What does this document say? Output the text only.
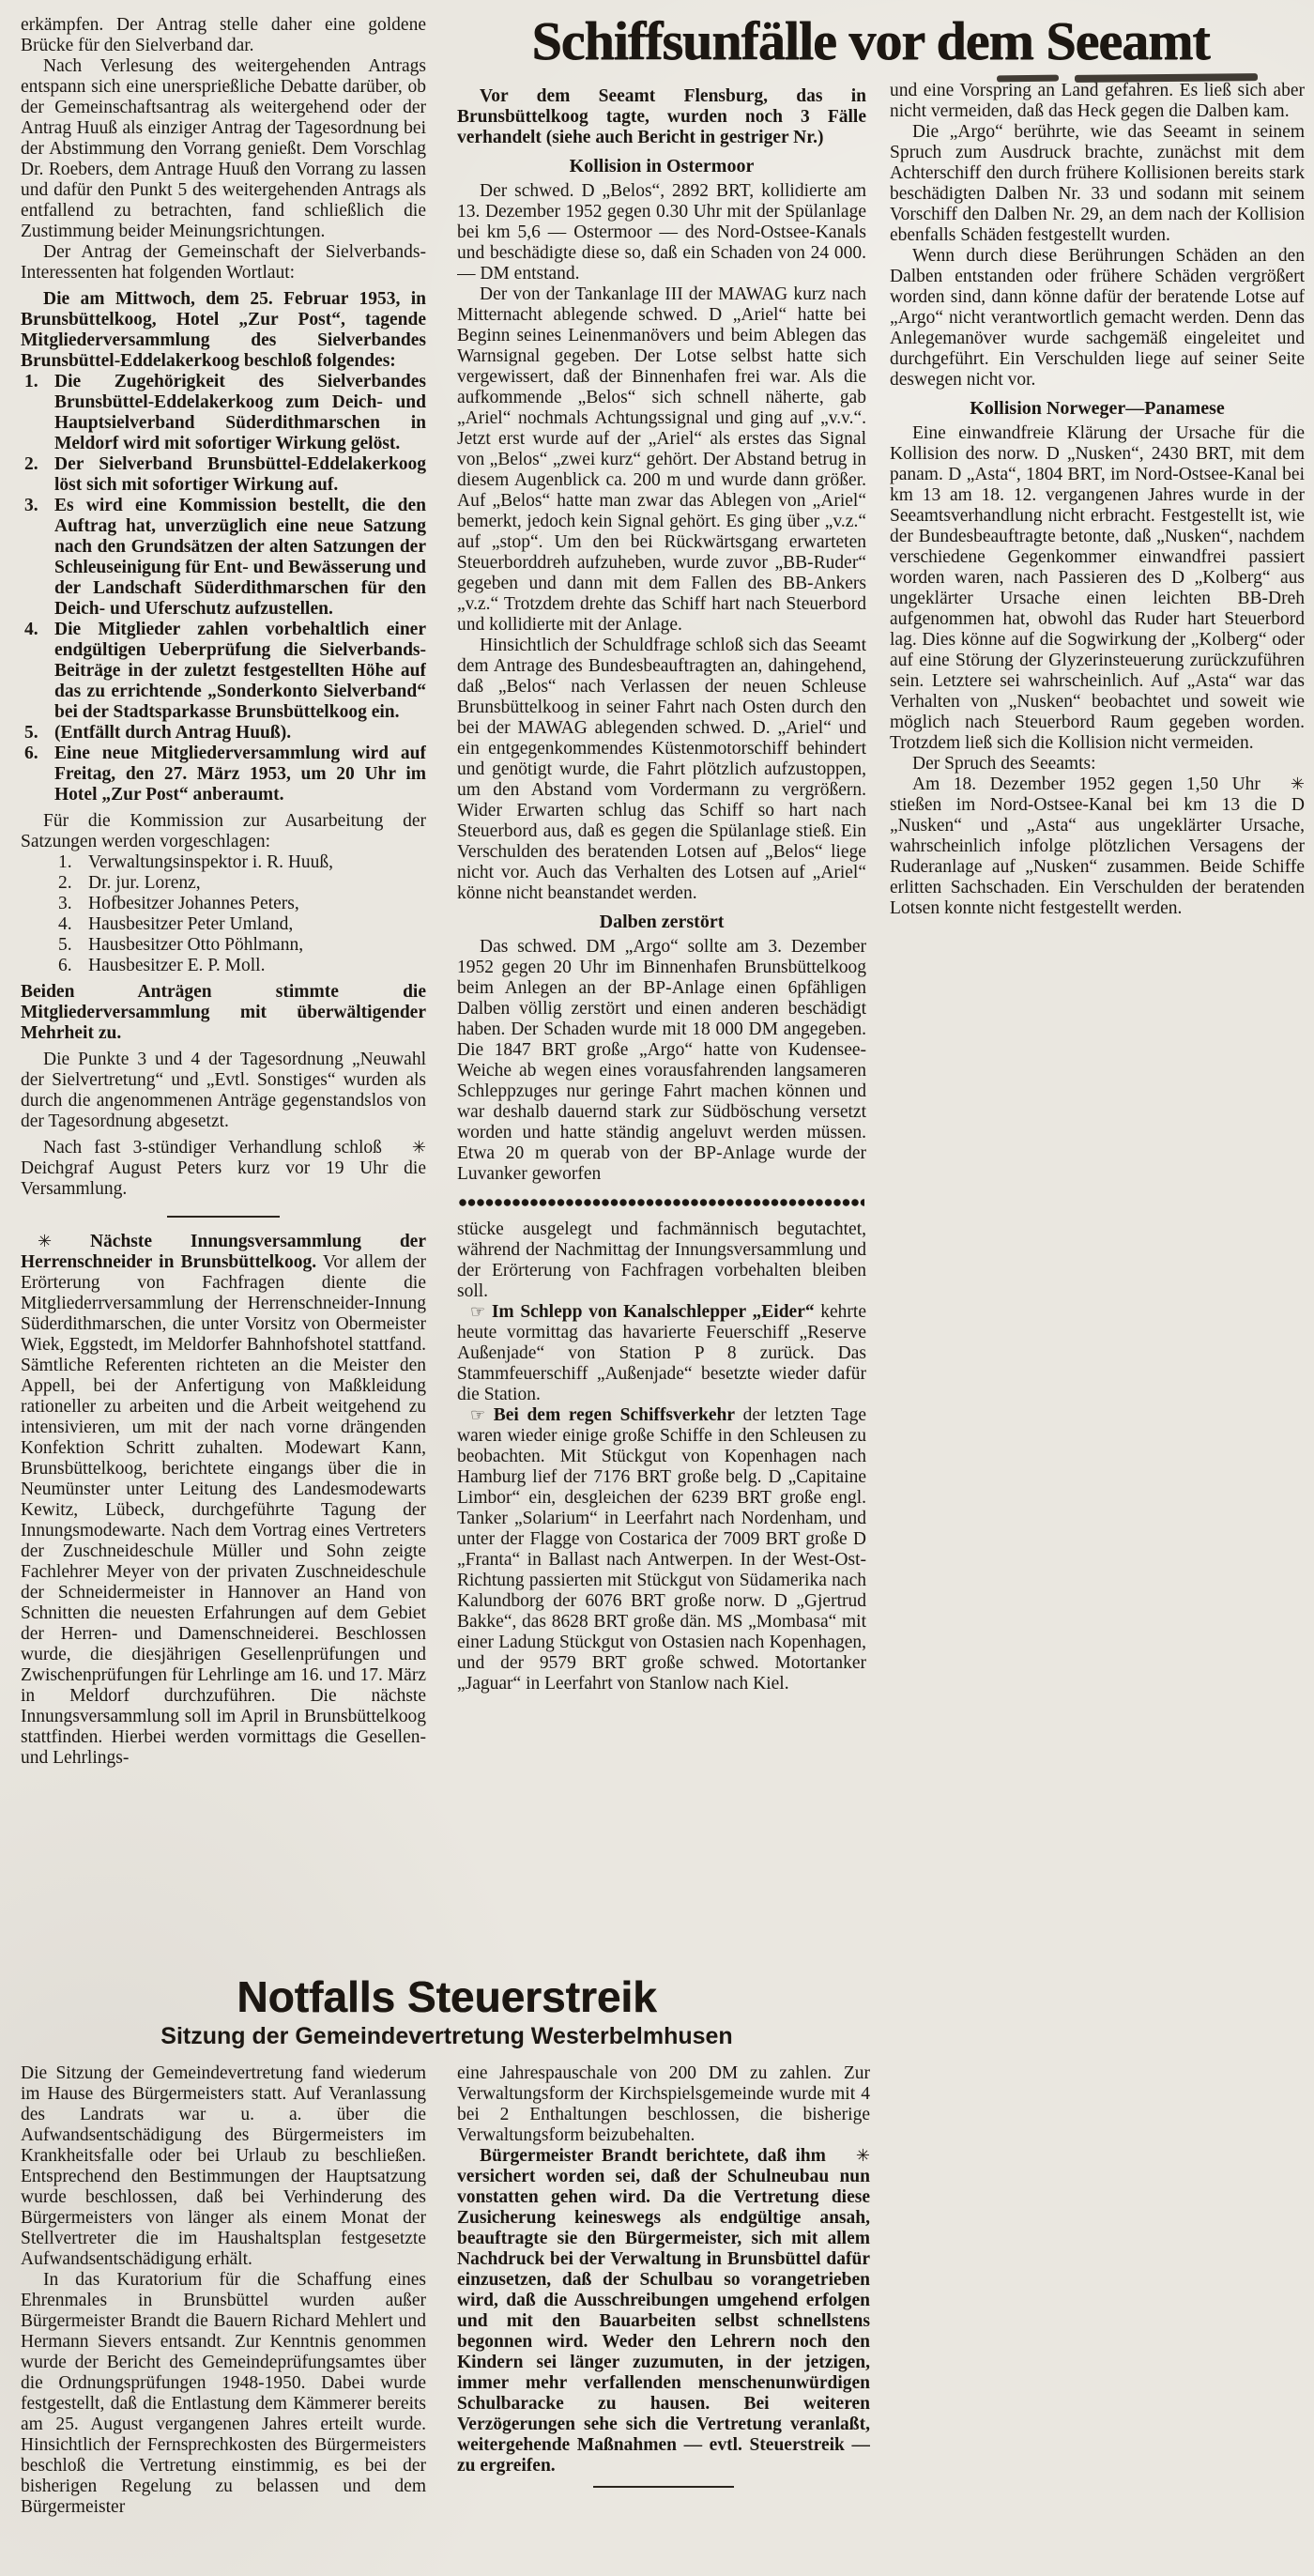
Schiffsunfälle vor dem Seeamt

erkämpfen. Der Antrag stelle daher eine goldene Brücke für den Sielverband dar.

Nach Verlesung des weitergehenden Antrags entspann sich eine unersprießliche Debatte darüber, ob der Gemeinschaftsantrag als weitergehend oder der Antrag Huuß als einziger Antrag der Tagesordnung bei der Abstimmung den Vorrang genießt. Dem Vorschlag Dr. Roebers, dem Antrage Huuß den Vorrang zu lassen und dafür den Punkt 5 des weitergehenden Antrags als entfallend zu betrachten, fand schließlich die Zustimmung beider Meinungsrichtungen.

Der Antrag der Gemeinschaft der Sielverbands-Interessenten hat folgenden Wortlaut:

Die am Mittwoch, dem 25. Februar 1953, in Brunsbüttelkoog, Hotel „Zur Post“, tagende Mitgliederversammlung des Sielverbandes Brunsbüttel-Eddelakerkoog beschloß folgendes:

1. Die Zugehörigkeit des Sielverbandes Brunsbüttel-Eddelakerkoog zum Deich- und Hauptsielverband Süderdithmarschen in Meldorf wird mit sofortiger Wirkung gelöst.
2. Der Sielverband Brunsbüttel-Eddelakerkoog löst sich mit sofortiger Wirkung auf.
3. Es wird eine Kommission bestellt, die den Auftrag hat, unverzüglich eine neue Satzung nach den Grundsätzen der alten Satzungen der Schleuseinigung für Ent- und Bewässerung und der Landschaft Süderdithmarschen für den Deich- und Uferschutz aufzustellen.
4. Die Mitglieder zahlen vorbehaltlich einer endgültigen Ueberprüfung die Sielverbands-Beiträge in der zuletzt festgestellten Höhe auf das zu errichtende „Sonderkonto Sielverband“ bei der Stadtsparkasse Brunsbüttelkoog ein.
5. (Entfällt durch Antrag Huuß).
6. Eine neue Mitgliederversammlung wird auf Freitag, den 27. März 1953, um 20 Uhr im Hotel „Zur Post“ anberaumt.

Für die Kommission zur Ausarbeitung der Satzungen werden vorgeschlagen:

1. Verwaltungsinspektor i. R. Huuß,
2. Dr. jur. Lorenz,
3. Hofbesitzer Johannes Peters,
4. Hausbesitzer Peter Umland,
5. Hausbesitzer Otto Pöhlmann,
6. Hausbesitzer E. P. Moll.

Beiden Anträgen stimmte die Mitgliederversammlung mit überwältigender Mehrheit zu.

Die Punkte 3 und 4 der Tagesordnung „Neuwahl der Sielvertretung“ und „Evtl. Sonstiges“ wurden als durch die angenommenen Anträge gegenstandslos von der Tagesordnung abgesetzt.

✳
Nach fast 3-stündiger Verhandlung schloß Deichgraf August Peters kurz vor 19 Uhr die Versammlung.

✳ Nächste Innungsversammlung der Herrenschneider in Brunsbüttelkoog. Vor allem der Erörterung von Fachfragen diente die Mitgliederrversammlung der Herrenschneider-Innung Süderdithmarschen, die unter Vorsitz von Obermeister Wiek, Eggstedt, im Meldorfer Bahnhofshotel stattfand. Sämtliche Referenten richteten an die Meister den Appell, bei der Anfertigung von Maßkleidung rationeller zu arbeiten und die Arbeit weitgehend zu intensivieren, um mit der nach vorne drängenden Konfektion Schritt zuhalten. Modewart Kann, Brunsbüttelkoog, berichtete eingangs über die in Neumünster unter Leitung des Landesmodewarts Kewitz, Lübeck, durchgeführte Tagung der Innungsmodewarte. Nach dem Vortrag eines Vertreters der Zuschneideschule Müller und Sohn zeigte Fachlehrer Meyer von der privaten Zuschneideschule der Schneidermeister in Hannover an Hand von Schnitten die neuesten Erfahrungen auf dem Gebiet der Herren- und Damenschneiderei. Beschlossen wurde, die diesjährigen Gesellenprüfungen und Zwischenprüfungen für Lehrlinge am 16. und 17. März in Meldorf durchzuführen. Die nächste Innungsversammlung soll im April in Brunsbüttelkoog stattfinden. Hierbei werden vormittags die Gesellen- und Lehrlings-

Vor dem Seeamt Flensburg, das in Brunsbüttelkoog tagte, wurden noch 3 Fälle verhandelt (siehe auch Bericht in gestriger Nr.)

Kollision in Ostermoor

Der schwed. D „Belos“, 2892 BRT, kollidierte am 13. Dezember 1952 gegen 0.30 Uhr mit der Spülanlage bei km 5,6 — Ostermoor — des Nord-Ostsee-Kanals und beschädigte diese so, daß ein Schaden von 24 000.— DM entstand.

Der von der Tankanlage III der MAWAG kurz nach Mitternacht ablegende schwed. D „Ariel“ hatte bei Beginn seines Leinenmanövers und beim Ablegen das Warnsignal gegeben. Der Lotse selbst hatte sich vergewissert, daß der Binnenhafen frei war. Als die aufkommende „Belos“ sich schnell näherte, gab „Ariel“ nochmals Achtungssignal und ging auf „v.v.“. Jetzt erst wurde auf der „Ariel“ als erstes das Signal von „Belos“ „zwei kurz“ gehört. Der Abstand betrug in diesem Augenblick ca. 200 m und wurde dann größer. Auf „Belos“ hatte man zwar das Ablegen von „Ariel“ bemerkt, jedoch kein Signal gehört. Es ging über „v.z.“ auf „stop“. Um den bei Rückwärtsgang erwarteten Steuerborddreh aufzuheben, wurde zuvor „BB-Ruder“ gegeben und dann mit dem Fallen des BB-Ankers „v.z.“ Trotzdem drehte das Schiff hart nach Steuerbord und kollidierte mit der Anlage.

Hinsichtlich der Schuldfrage schloß sich das Seeamt dem Antrage des Bundesbeauftragten an, dahingehend, daß „Belos“ nach Verlassen der neuen Schleuse Brunsbüttelkoog in seiner Fahrt nach Osten durch den bei der MAWAG ablegenden schwed. D. „Ariel“ und ein entgegenkommendes Küstenmotorschiff behindert und genötigt wurde, die Fahrt plötzlich aufzustoppen, um den Abstand vom Vordermann zu vergrößern. Wider Erwarten schlug das Schiff so hart nach Steuerbord aus, daß es gegen die Spülanlage stieß. Ein Verschulden des beratenden Lotsen auf „Belos“ liege nicht vor. Auch das Verhalten des Lotsen auf „Ariel“ könne nicht beanstandet werden.

Dalben zerstört

Das schwed. DM „Argo“ sollte am 3. Dezember 1952 gegen 20 Uhr im Binnenhafen Brunsbüttelkoog beim Anlegen an der BP-Anlage einen 6pfähligen Dalben völlig zerstört und einen anderen beschädigt haben. Der Schaden wurde mit 18 000 DM angegeben. Die 1847 BRT große „Argo“ hatte von Kudensee-Weiche ab wegen eines vorausfahrenden langsameren Schleppzuges nur geringe Fahrt machen können und war deshalb dauernd stark zur Südböschung versetzt worden und hatte ständig angeluvt werden müssen. Etwa 20 m querab von der BP-Anlage wurde der Luvanker geworfen

stücke ausgelegt und fachmännisch begutachtet, während der Nachmittag der Innungsversammlung und der Erörterung von Fachfragen vorbehalten bleiben soll.

☞ Im Schlepp von Kanalschlepper „Eider“ kehrte heute vormittag das havarierte Feuerschiff „Reserve Außenjade“ von Station P 8 zurück. Das Stammfeuerschiff „Außenjade“ besetzte wieder dafür die Station.

☞ Bei dem regen Schiffsverkehr der letzten Tage waren wieder einige große Schiffe in den Schleusen zu beobachten. Mit Stückgut von Kopenhagen nach Hamburg lief der 7176 BRT große belg. D „Capitaine Limbor“ ein, desgleichen der 6239 BRT große engl. Tanker „Solarium“ in Leerfahrt nach Nordenham, und unter der Flagge von Costarica der 7009 BRT große D „Franta“ in Ballast nach Antwerpen. In der West-Ost-Richtung passierten mit Stückgut von Südamerika nach Kalundborg der 6076 BRT große norw. D „Gjertrud Bakke“, das 8628 BRT große dän. MS „Mombasa“ mit einer Ladung Stückgut von Ostasien nach Kopenhagen, und der 9579 BRT große schwed. Motortanker „Jaguar“ in Leerfahrt von Stanlow nach Kiel.

und eine Vorspring an Land gefahren. Es ließ sich aber nicht vermeiden, daß das Heck gegen die Dalben kam.

Die „Argo“ berührte, wie das Seeamt in seinem Spruch zum Ausdruck brachte, zunächst mit dem Achterschiff den durch frühere Kollisionen bereits stark beschädigten Dalben Nr. 33 und sodann mit seinem Vorschiff den Dalben Nr. 29, an dem nach der Kollision ebenfalls Schäden festgestellt wurden.

Wenn durch diese Berührungen Schäden an den Dalben entstanden oder frühere Schäden vergrößert worden sind, dann könne dafür der beratende Lotse auf „Argo“ nicht verantwortlich gemacht werden. Denn das Anlegemanöver wurde sachgemäß eingeleitet und durchgeführt. Ein Verschulden liege auf seiner Seite deswegen nicht vor.

Kollision Norweger—Panamese

Eine einwandfreie Klärung der Ursache für die Kollision des norw. D „Nusken“, 2430 BRT, mit dem panam. D „Asta“, 1804 BRT, im Nord-Ostsee-Kanal bei km 13 am 18. 12. vergangenen Jahres wurde in der Seeamtsverhandlung nicht erbracht. Festgestellt ist, wie der Bundesbeauftragte betonte, daß „Nusken“, nachdem verschiedene Gegenkommer einwandfrei passiert worden waren, nach Passieren des D „Kolberg“ aus ungeklärter Ursache einen leichten BB-Dreh aufgenommen hat, obwohl das Ruder hart Steuerbord lag. Dies könne auf die Sogwirkung der „Kolberg“ oder auf eine Störung der Glyzerinsteuerung zurückzuführen sein. Letztere sei wahrscheinlich. Auf „Asta“ war das Verhalten von „Nusken“ beobachtet und soweit wie möglich nach Steuerbord Raum gegeben worden. Trotzdem ließ sich die Kollision nicht vermeiden.

Der Spruch des Seeamts:

✳
Am 18. Dezember 1952 gegen 1,50 Uhr stießen im Nord-Ostsee-Kanal bei km 13 die D „Nusken“ und „Asta“ aus ungeklärter Ursache, wahrscheinlich infolge plötzlichen Versagens der Ruderanlage auf „Nusken“ zusammen. Beide Schiffe erlitten Sachschaden. Ein Verschulden der beratenden Lotsen konnte nicht festgestellt werden.

Notfalls Steuerstreik
Sitzung der Gemeindevertretung Westerbelmhusen

Die Sitzung der Gemeindevertretung fand wiederum im Hause des Bürgermeisters statt. Auf Veranlassung des Landrats war u. a. über die Aufwandsentschädigung des Bürgermeisters im Krankheitsfalle oder bei Urlaub zu beschließen. Entsprechend den Bestimmungen der Hauptsatzung wurde beschlossen, daß bei Verhinderung des Bürgermeisters von länger als einem Monat der Stellvertreter die im Haushaltsplan festgesetzte Aufwandsentschädigung erhält.

In das Kuratorium für die Schaffung eines Ehrenmales in Brunsbüttel wurden außer Bürgermeister Brandt die Bauern Richard Mehlert und Hermann Sievers entsandt. Zur Kenntnis genommen wurde der Bericht des Gemeindeprüfungsamtes über die Ordnungsprüfungen 1948-1950. Dabei wurde festgestellt, daß die Entlastung dem Kämmerer bereits am 25. August vergangenen Jahres erteilt wurde. Hinsichtlich der Fernsprechkosten des Bürgermeisters beschloß die Vertretung einstimmig, es bei der bisherigen Regelung zu belassen und dem Bürgermeister

eine Jahrespauschale von 200 DM zu zahlen. Zur Verwaltungsform der Kirchspielsgemeinde wurde mit 4 bei 2 Enthaltungen beschlossen, die bisherige Verwaltungsform beizubehalten.

✳
Bürgermeister Brandt berichtete, daß ihm versichert worden sei, daß der Schulneubau nun vonstatten gehen wird. Da die Vertretung diese Zusicherung keineswegs als endgültige ansah, beauftragte sie den Bürgermeister, sich mit allem Nachdruck bei der Verwaltung in Brunsbüttel dafür einzusetzen, daß der Schulbau so vorangetrieben wird, daß die Ausschreibungen umgehend erfolgen und mit den Bauarbeiten selbst schnellstens begonnen wird. Weder den Lehrern noch den Kindern sei länger zuzumuten, in der jetzigen, immer mehr verfallenden menschenunwürdigen Schulbaracke zu hausen. Bei weiteren Verzögerungen sehe sich die Vertretung veranlaßt, weitergehende Maßnahmen — evtl. Steuerstreik — zu ergreifen.
